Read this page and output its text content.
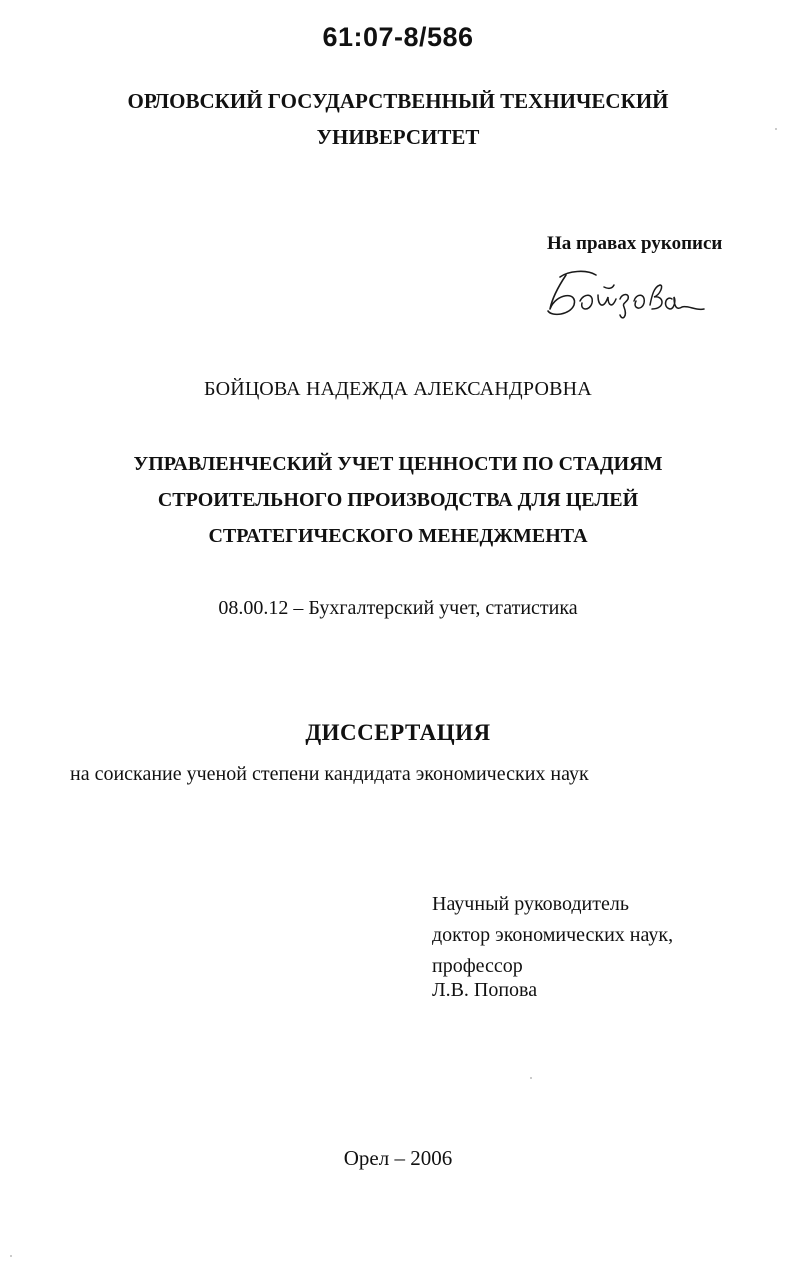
61:07-8/586
ОРЛОВСКИЙ ГОСУДАРСТВЕННЫЙ ТЕХНИЧЕСКИЙ
УНИВЕРСИТЕТ
На правах рукописи
БОЙЦОВА НАДЕЖДА АЛЕКСАНДРОВНА
УПРАВЛЕНЧЕСКИЙ УЧЕТ ЦЕННОСТИ ПО СТАДИЯМ
СТРОИТЕЛЬНОГО ПРОИЗВОДСТВА ДЛЯ ЦЕЛЕЙ
СТРАТЕГИЧЕСКОГО МЕНЕДЖМЕНТА
08.00.12 – Бухгалтерский учет, статистика
ДИССЕРТАЦИЯ
на соискание ученой степени кандидата экономических наук
Научный руководитель
доктор экономических наук,
профессор
Л.В. Попова
Орел – 2006
